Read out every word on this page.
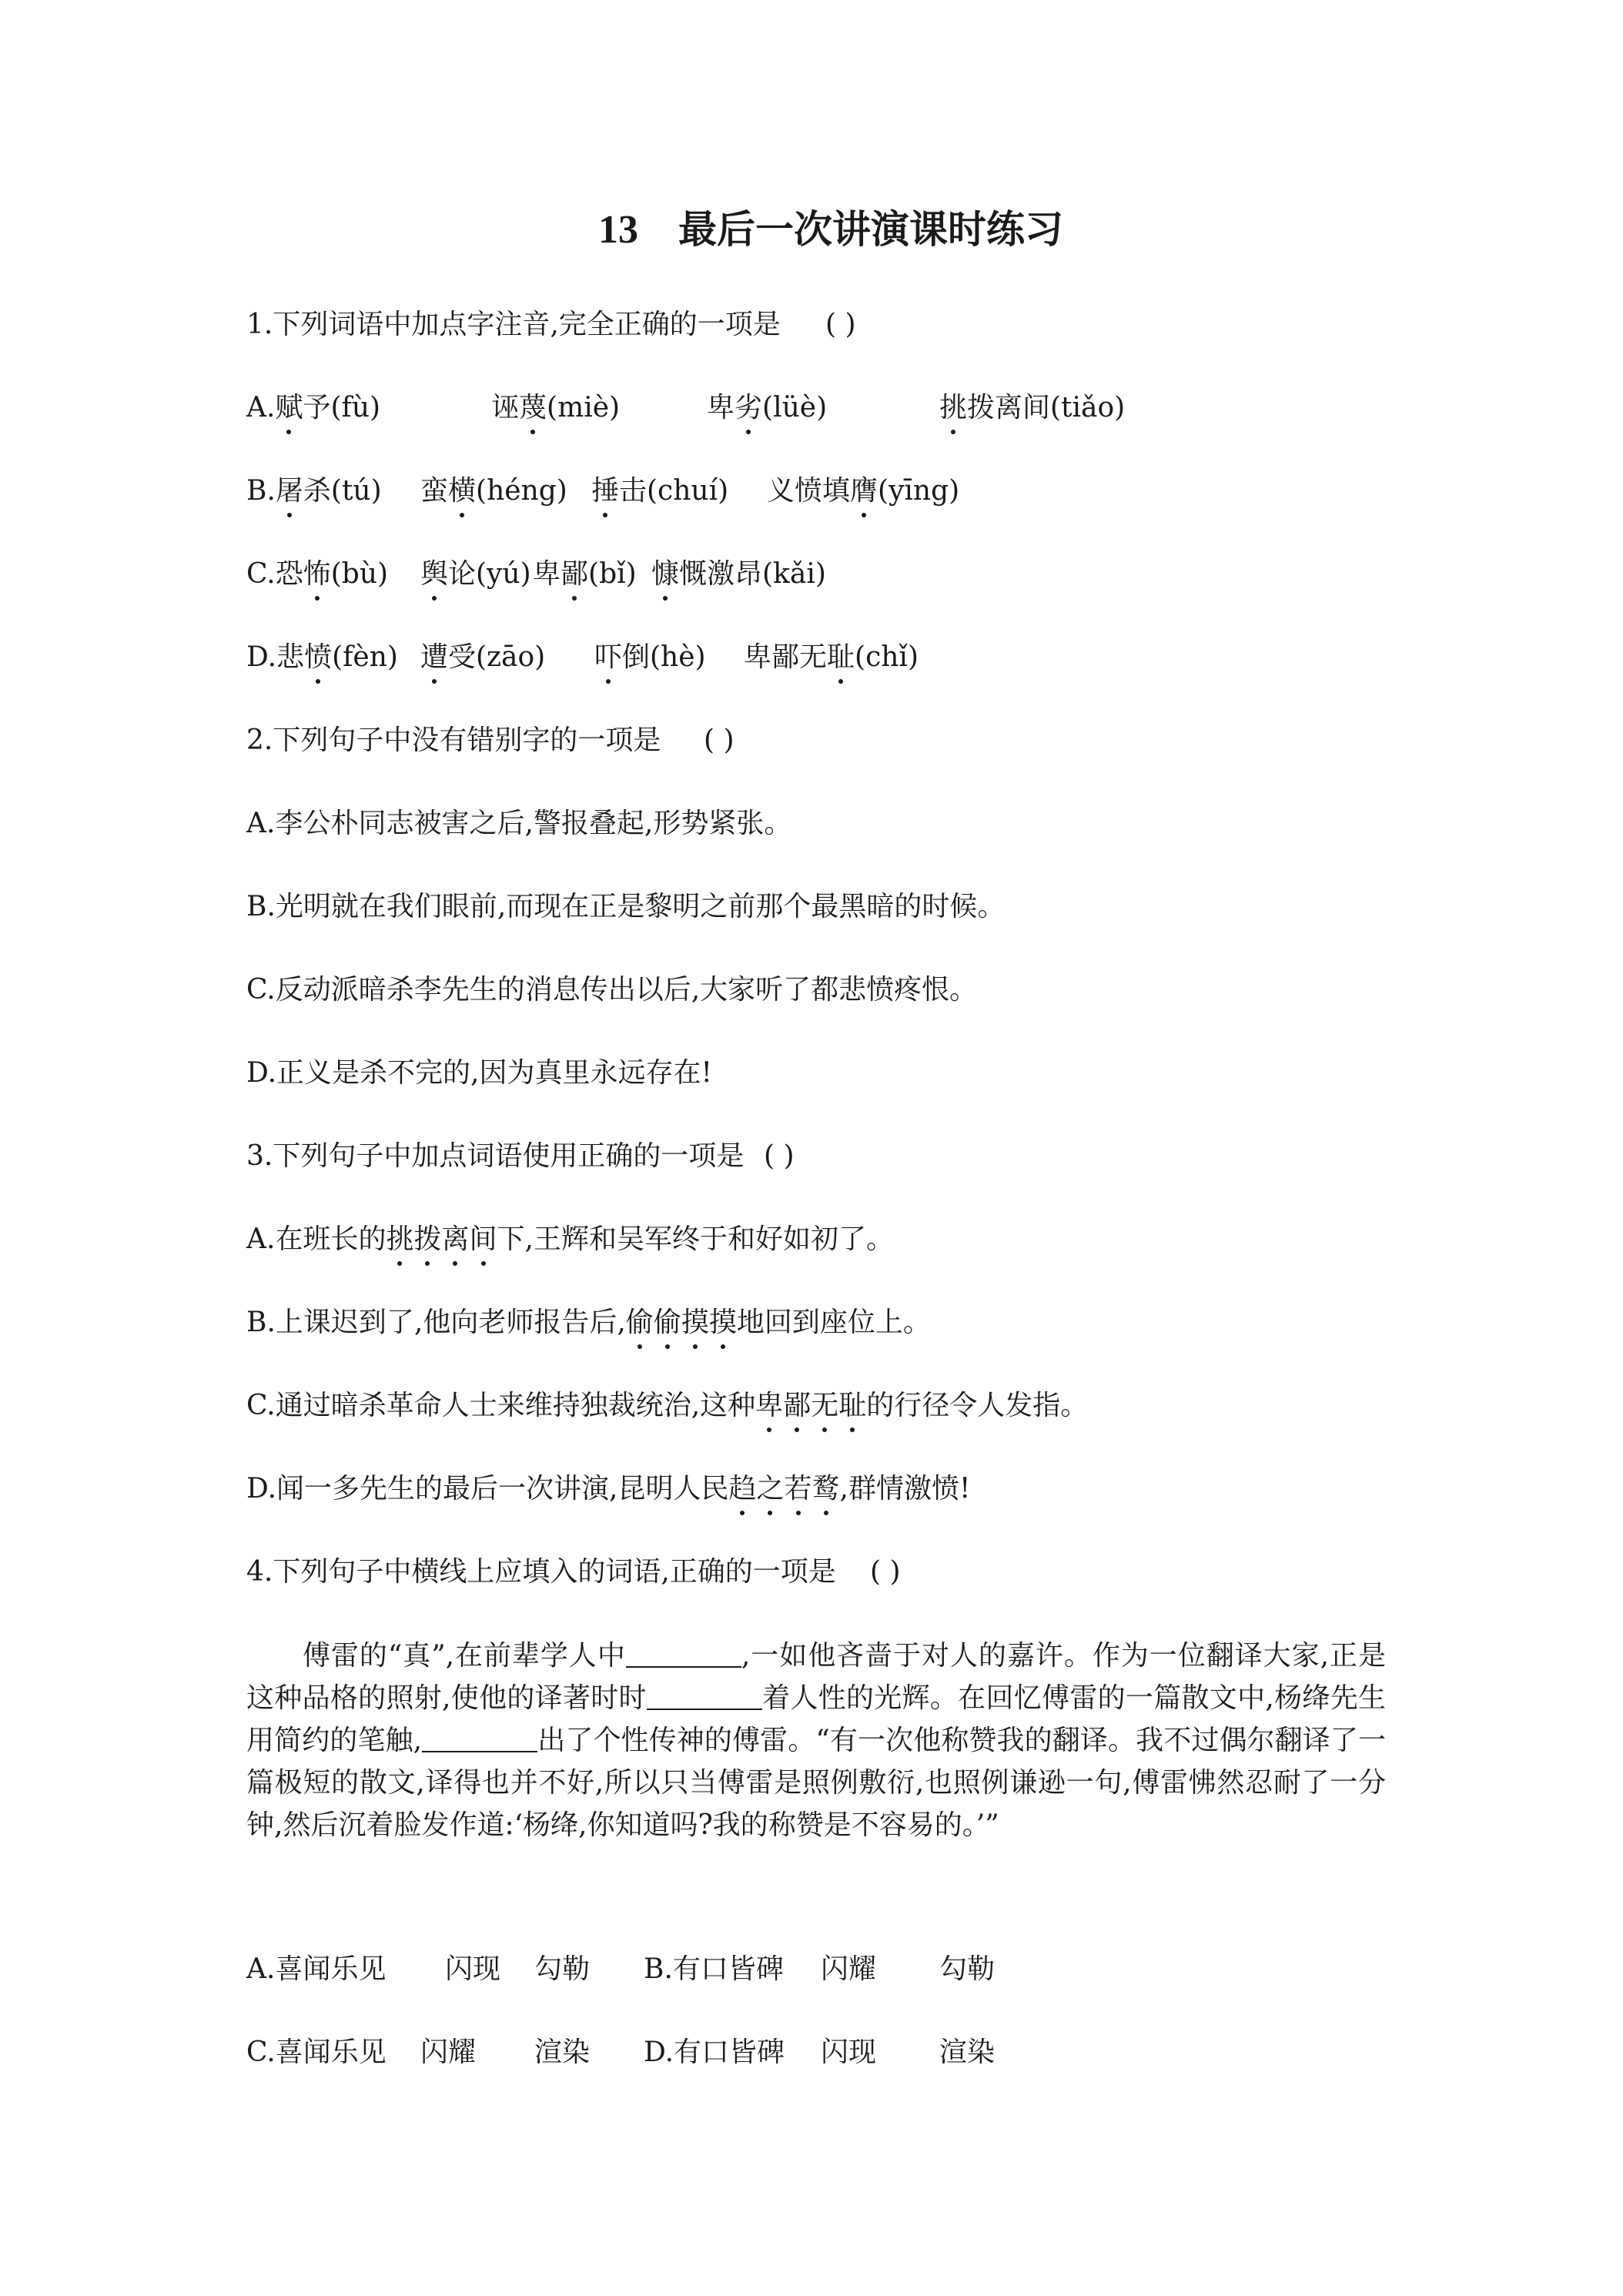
13 最后一次讲演课时练习
1.下列词语中加点字注音,完全正确的一项是 ( )
A.赋予(fù)	诬蔑(miè)	卑劣(lüè)	挑拨离间(tiǎo)
B.屠杀(tú) 蛮横(héng) 捶击(chuí) 义愤填膺(yīng)
C.恐怖(bù) 舆论(yú) 卑鄙(bǐ) 慷慨激昂(kǎi)
D.悲愤(fèn) 遭受(zāo) 吓倒(hè) 卑鄙无耻(chǐ)
2.下列句子中没有错别字的一项是 ( )
A.李公朴同志被害之后,警报叠起,形势紧张。
B.光明就在我们眼前,而现在正是黎明之前那个最黑暗的时候。
C.反动派暗杀李先生的消息传出以后,大家听了都悲愤疼恨。
D.正义是杀不完的,因为真里永远存在!
3.下列句子中加点词语使用正确的一项是 ( )
A.在班长的挑拨离间下,王辉和吴军终于和好如初了。
B.上课迟到了,他向老师报告后,偷偷摸摸地回到座位上。
C.通过暗杀革命人士来维持独裁统治,这种卑鄙无耻的行径令人发指。
D.闻一多先生的最后一次讲演,昆明人民趋之若鹜,群情激愤!
4.下列句子中横线上应填入的词语,正确的一项是 ( )
傅雷的“真”,在前辈学人中	,一如他吝啬于对人的嘉许。作为一位翻译大家,正是这种品格的照射,使他的译著时时	着人性的光辉。在回忆傅雷的一篇散文中,杨绛先生用简约的笔触,	出了个性传神的傅雷。“有一次他称赞我的翻译。我不过偶尔翻译了一篇极短的散文,译得也并不好,所以只当傅雷是照例敷衍,也照例谦逊一句,傅雷怫然忍耐了一分钟,然后沉着脸发作道:‘杨绛,你知道吗?我的称赞是不容易的。’”
A.喜闻乐见 闪现 勾勒 B.有口皆碑 闪耀 勾勒
C.喜闻乐见 闪耀 渲染 D.有口皆碑 闪现 渲染
